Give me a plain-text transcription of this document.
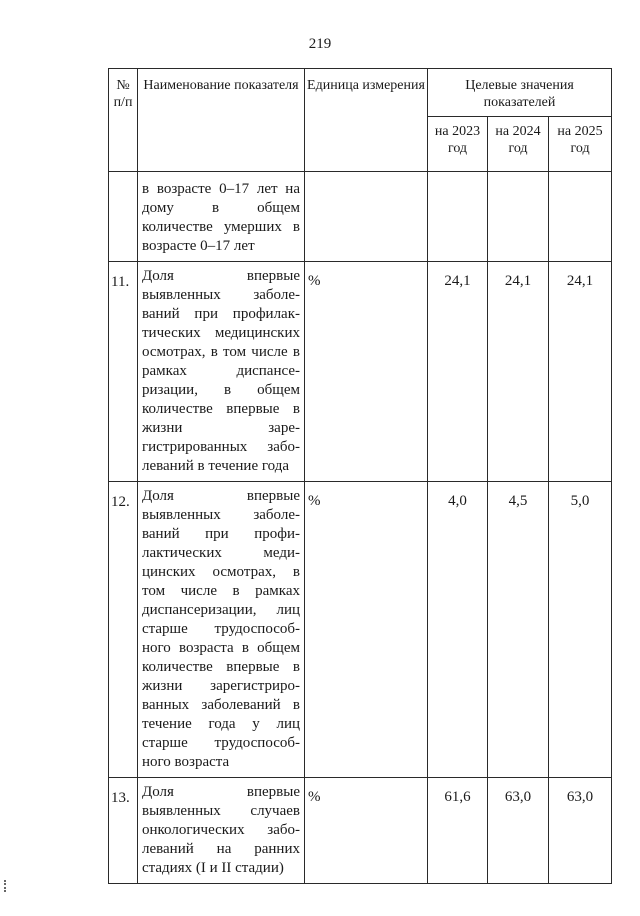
219
№
п/п	Наименование показателя	Единица измерения	Целевые значения показателей		
			на 2023 год	на 2024 год	на 2025 год
	в возрасте 0–17 лет на дому в общем количестве умерших в возрасте 0–17 лет				
11.	Доля впервые выявленных заболеваний при профилактических медицинских осмотрах, в том числе в рамках диспансеризации, в общем количестве впервые в жизни зарегистрированных заболеваний в течение года	%	24,1	24,1	24,1
12.	Доля впервые выявленных заболеваний при профилактических медицинских осмотрах, в том числе в рамках диспансеризации, лиц старше трудоспособного возраста в общем количестве впервые в жизни зарегистрированных заболеваний в течение года у лиц старше трудоспособного возраста	%	4,0	4,5	5,0
13.	Доля впервые выявленных случаев онкологических заболеваний на ранних стадиях (I и II стадии)	%	61,6	63,0	63,0
